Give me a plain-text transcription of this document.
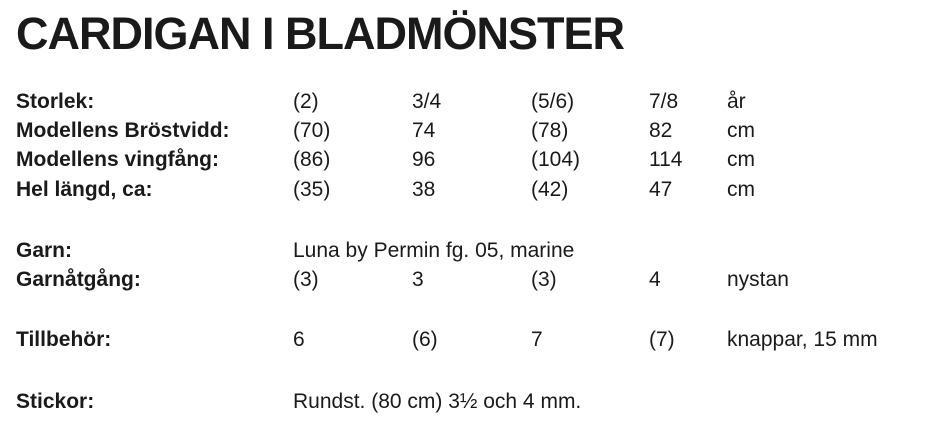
CARDIGAN I BLADMÖNSTER
Storlek:	(2)	3/4	(5/6)	7/8 år
Modellens Bröstvidd:	(70)	74	(78)	82	cm
Modellens vingfång:	(86)	96	(104)	114 cm
Hel längd, ca:	(35)	38	(42)	47	cm
Garn:	Luna by Permin fg. 05, marine
Garnåtgång:	(3)	3	(3)	4	nystan
Tillbehör:	6	(6)	7	(7) knappar, 15 mm
Stickor:	Rundst. (80 cm) 3½ och 4 mm.
